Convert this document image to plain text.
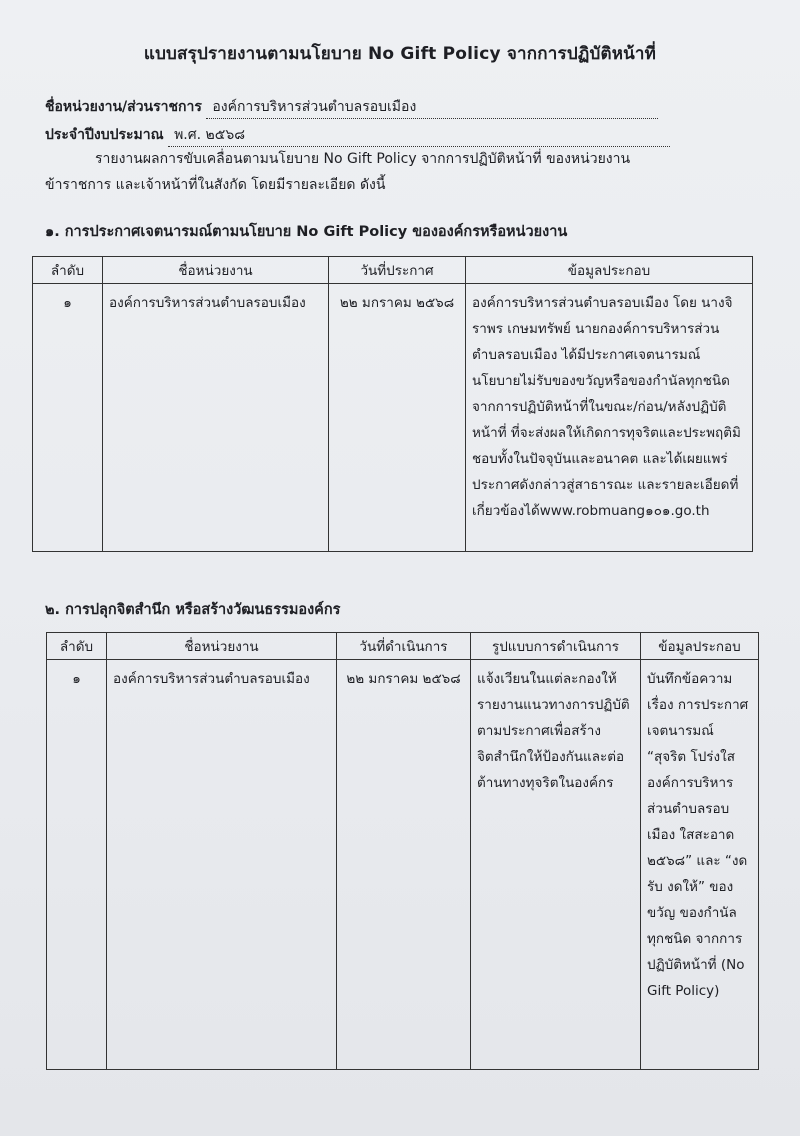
แบบสรุปรายงานตามนโยบาย No Gift Policy จากการปฏิบัติหน้าที่
ชื่อหน่วยงาน/ส่วนราชการ องค์การบริหารส่วนตำบลรอบเมือง
ประจำปีงบประมาณ พ.ศ. ๒๕๖๘
รายงานผลการขับเคลื่อนตามนโยบาย No Gift Policy จากการปฏิบัติหน้าที่ ของหน่วยงาน
ข้าราชการ และเจ้าหน้าที่ในสังกัด โดยมีรายละเอียด ดังนี้
๑. การประกาศเจตนารมณ์ตามนโยบาย No Gift Policy ขององค์กรหรือหน่วยงาน
ลำดับ	ชื่อหน่วยงาน	วันที่ประกาศ	ข้อมูลประกอบ
๑	องค์การบริหารส่วนตำบลรอบเมือง	๒๒ มกราคม ๒๕๖๘	องค์การบริหารส่วนตำบลรอบเมือง โดย นางจิราพร เกษมทรัพย์ นายกองค์การบริหารส่วนตำบลรอบเมือง ได้มีประกาศเจตนารมณ์นโยบายไม่รับของขวัญหรือของกำนัลทุกชนิดจากการปฏิบัติหน้าที่ในขณะ/ก่อน/หลังปฏิบัติหน้าที่ ที่จะส่งผลให้เกิดการทุจริตและประพฤติมิชอบทั้งในปัจจุบันและอนาคต และได้เผยแพร่ประกาศดังกล่าวสู่สาธารณะ และรายละเอียดที่เกี่ยวข้องได้www.robmuang๑๐๑.go.th
๒. การปลุกจิตสำนึก หรือสร้างวัฒนธรรมองค์กร
ลำดับ	ชื่อหน่วยงาน	วันที่ดำเนินการ	รูปแบบการดำเนินการ	ข้อมูลประกอบ
๑	องค์การบริหารส่วนตำบลรอบเมือง	๒๒ มกราคม ๒๕๖๘	แจ้งเวียนในแต่ละกองให้รายงานแนวทางการปฏิบัติตามประกาศเพื่อสร้างจิตสำนึกให้ป้องกันและต่อต้านทางทุจริตในองค์กร	บันทึกข้อความ เรื่อง การประกาศเจตนารมณ์ “สุจริต โปร่งใส องค์การบริหารส่วนตำบลรอบเมือง ใสสะอาด ๒๕๖๘” และ “งดรับ งดให้” ของขวัญ ของกำนัลทุกชนิด จากการปฏิบัติหน้าที่ (No Gift Policy)
